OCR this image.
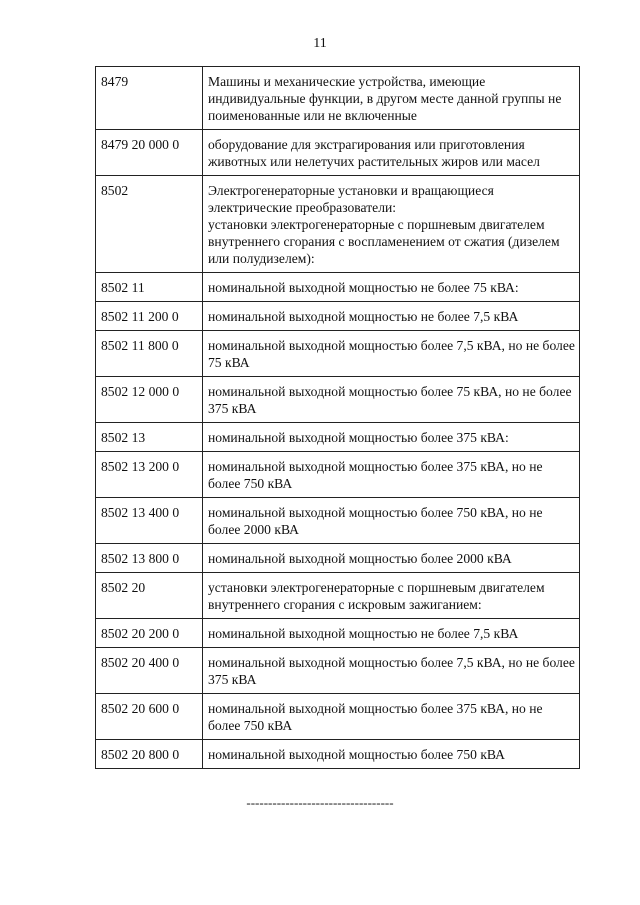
11
8479	Машины и механические устройства, имеющие индивидуальные функции, в другом месте данной группы не поименованные или не включенные
8479 20 000 0	оборудование для экстрагирования или приготовления животных или нелетучих растительных жиров или масел
8502	Электрогенераторные установки и вращающиеся электрические преобразователи:
установки электрогенераторные с поршневым двигателем внутреннего сгорания с воспламенением от сжатия (дизелем или полудизелем):
8502 11	номинальной выходной мощностью не более 75 кВА:
8502 11 200 0	номинальной выходной мощностью не более 7,5 кВА
8502 11 800 0	номинальной выходной мощностью более 7,5 кВА, но не более 75 кВА
8502 12 000 0	номинальной выходной мощностью более 75 кВА, но не более 375 кВА
8502 13	номинальной выходной мощностью более 375 кВА:
8502 13 200 0	номинальной выходной мощностью более 375 кВА, но не более 750 кВА
8502 13 400 0	номинальной выходной мощностью более 750 кВА, но не более 2000 кВА
8502 13 800 0	номинальной выходной мощностью более 2000 кВА
8502 20	установки электрогенераторные с поршневым двигателем внутреннего сгорания с искровым зажиганием:
8502 20 200 0	номинальной выходной мощностью не более 7,5 кВА
8502 20 400 0	номинальной выходной мощностью более 7,5 кВА, но не более 375 кВА
8502 20 600 0	номинальной выходной мощностью более 375 кВА, но не более 750 кВА
8502 20 800 0	номинальной выходной мощностью более 750 кВА
----------------------------------
